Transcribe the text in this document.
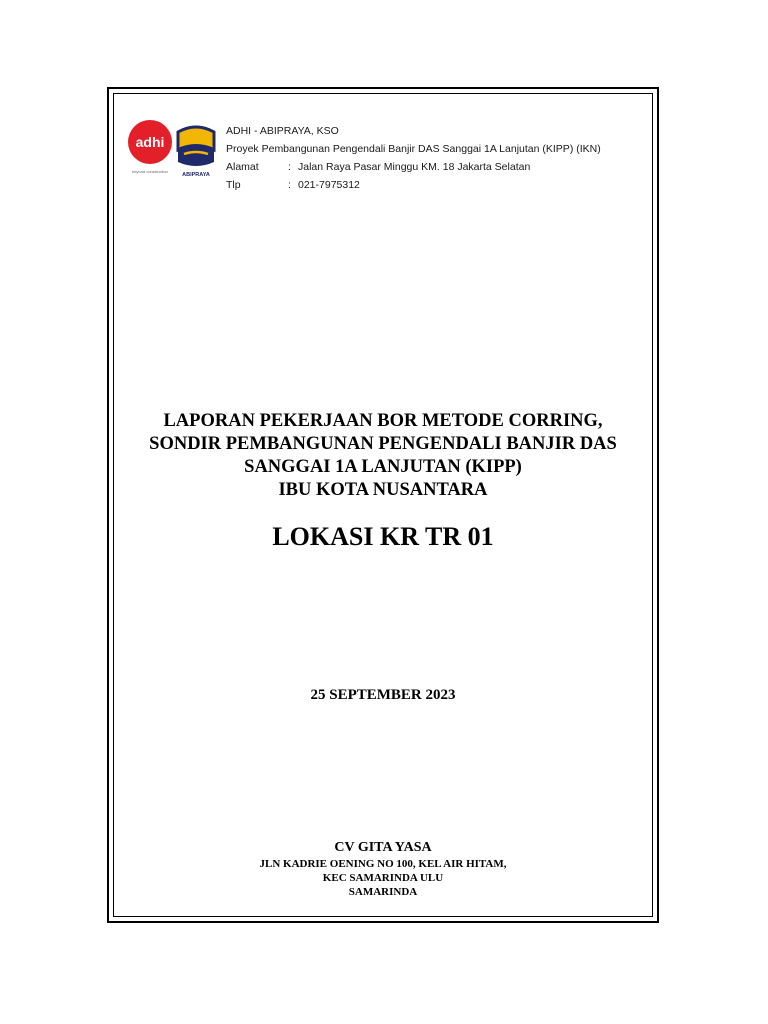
adhi
beyond construction
ABIPRAYA
ADHI - ABIPRAYA, KSO
Proyek Pembangunan Pengendali Banjir DAS Sanggai 1A Lanjutan (KIPP) (IKN)
Alamat	: Jalan Raya Pasar Minggu KM. 18 Jakarta Selatan
Tlp	: 021-7975312
LAPORAN PEKERJAAN BOR METODE CORRING,
SONDIR PEMBANGUNAN PENGENDALI BANJIR DAS
SANGGAI 1A LANJUTAN (KIPP)
IBU KOTA NUSANTARA
LOKASI KR TR 01
25 SEPTEMBER 2023
CV GITA YASA
JLN KADRIE OENING NO 100, KEL AIR HITAM,
KEC SAMARINDA ULU
SAMARINDA
